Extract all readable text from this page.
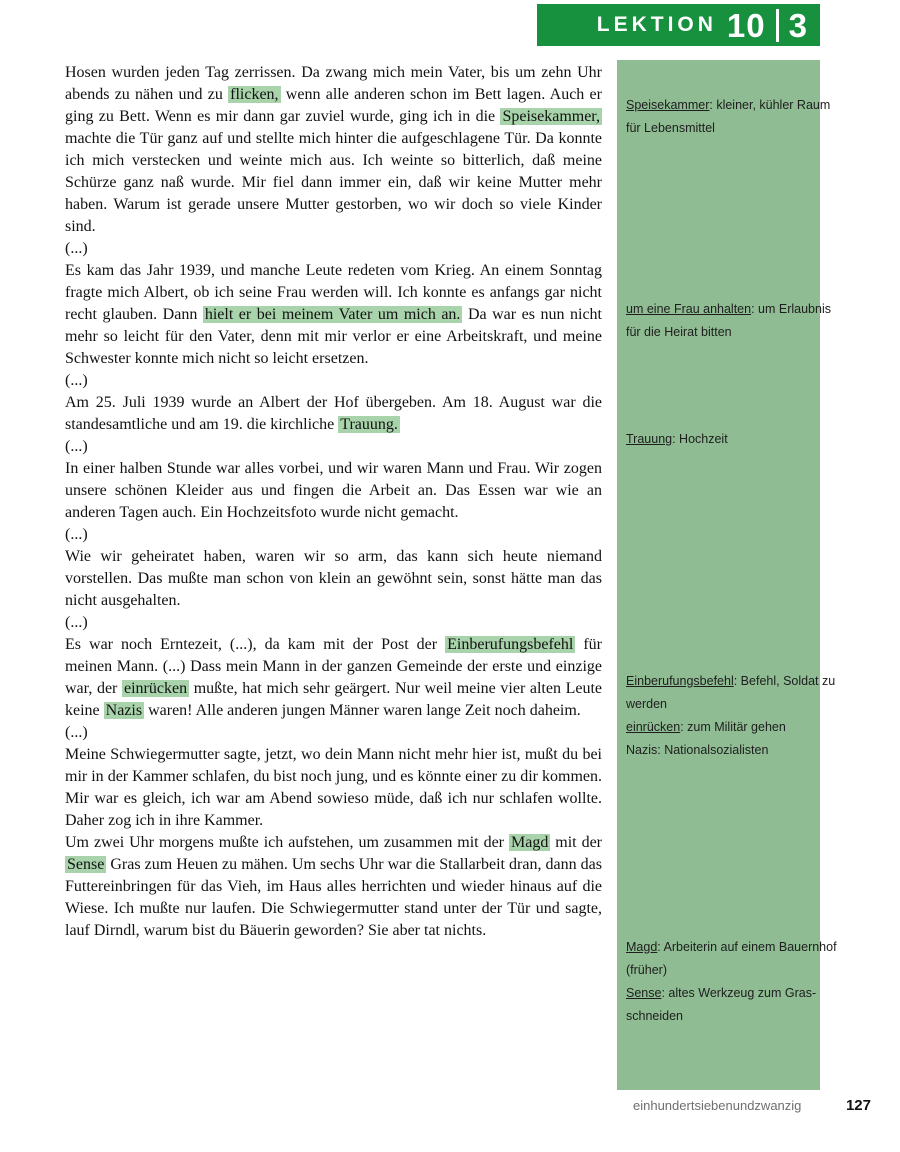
LEKTION 10 3

Hosen wurden jeden Tag zerrissen. Da zwang mich mein Vater, bis um zehn Uhr abends zu nähen und zu flicken, wenn alle anderen schon im Bett lagen. Auch er ging zu Bett. Wenn es mir dann gar zuviel wurde, ging ich in die Speisekammer, machte die Tür ganz auf und stellte mich hinter die aufgeschlagene Tür. Da konnte ich mich verstecken und weinte mich aus. Ich weinte so bitterlich, daß meine Schürze ganz naß wurde. Mir fiel dann immer ein, daß wir keine Mutter mehr haben. Warum ist gerade unsere Mutter gestorben, wo wir doch so viele Kinder sind.

(...)

Es kam das Jahr 1939, und manche Leute redeten vom Krieg. An einem Sonntag fragte mich Albert, ob ich seine Frau werden will. Ich konnte es anfangs gar nicht recht glauben. Dann hielt er bei meinem Vater um mich an. Da war es nun nicht mehr so leicht für den Vater, denn mit mir verlor er eine Arbeitskraft, und meine Schwester konnte mich nicht so leicht ersetzen.

(...)

Am 25. Juli 1939 wurde an Albert der Hof übergeben. Am 18. August war die standesamtliche und am 19. die kirchliche Trauung.

(...)

In einer halben Stunde war alles vorbei, und wir waren Mann und Frau. Wir zogen unsere schönen Kleider aus und fingen die Arbeit an. Das Essen war wie an anderen Tagen auch. Ein Hochzeitsfoto wurde nicht gemacht.

(...)

Wie wir geheiratet haben, waren wir so arm, das kann sich heute niemand vorstellen. Das mußte man schon von klein an gewöhnt sein, sonst hätte man das nicht ausgehalten.

(...)

Es war noch Erntezeit, (...), da kam mit der Post der Einberufungsbefehl für meinen Mann. (...) Dass mein Mann in der ganzen Gemeinde der erste und einzige war, der einrücken mußte, hat mich sehr geärgert. Nur weil meine vier alten Leute keine Nazis waren! Alle anderen jungen Männer waren lange Zeit noch daheim.

(...)

Meine Schwiegermutter sagte, jetzt, wo dein Mann nicht mehr hier ist, mußt du bei mir in der Kammer schlafen, du bist noch jung, und es könnte einer zu dir kommen. Mir war es gleich, ich war am Abend sowieso müde, daß ich nur schlafen wollte. Daher zog ich in ihre Kammer.

Um zwei Uhr morgens mußte ich aufstehen, um zusammen mit der Magd mit der Sense Gras zum Heuen zu mähen. Um sechs Uhr war die Stallarbeit dran, dann das Futtereinbringen für das Vieh, im Haus alles herrichten und wieder hinaus auf die Wiese. Ich mußte nur laufen. Die Schwiegermutter stand unter der Tür und sagte, lauf Dirndl, warum bist du Bäuerin geworden? Sie aber tat nichts.

Speisekammer: kleiner, kühler Raum
für Lebensmittel
um eine Frau anhalten: um Erlaubnis
für die Heirat bitten
Trauung: Hochzeit
Einberufungsbefehl: Befehl, Soldat zu
werden
einrücken: zum Militär gehen
Nazis: Nationalsozialisten
Magd: Arbeiterin auf einem Bauernhof
(früher)
Sense: altes Werkzeug zum Gras-
schneiden
einhundertsiebenundzwanzig	127
